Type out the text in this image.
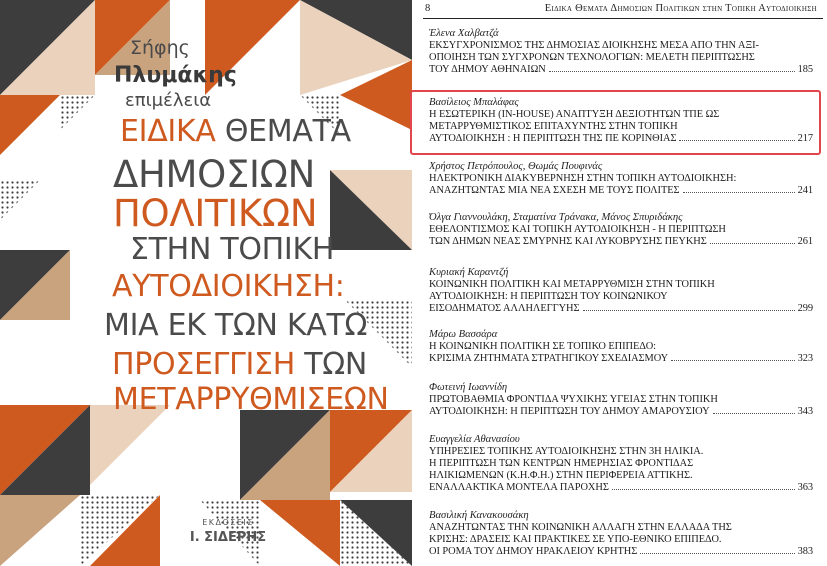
Σήφης
Πλυμάκης
επιμέλεια
ΕΙΔΙΚΑ ΘΕΜΑΤΑ
ΔΗΜΟΣΙΩΝ
ΠΟΛΙΤΙΚΩΝ
ΣΤΗΝ ΤΟΠΙΚΗ
ΑΥΤΟΔΙΟΙΚΗΣΗ:
ΜΙΑ ΕΚ ΤΩΝ ΚΑΤΩ
ΠΡΟΣΕΓΓΙΣΗ ΤΩΝ
ΜΕΤΑΡΡΥΘΜΙΣΕΩΝ
ΕΚΔΟΣΕΙΣ
Ι. ΣΙΔΕΡΗΣ
8	Ειδικα Θεματα Δημοσιων Πολιτικων στην Τοπικη Αυτοδιοικηση
Έλενα Χαλβατζά
ΕΚΣΥΓΧΡΟΝΙΣΜΟΣ ΤΗΣ ΔΗΜΟΣΙΑΣ ΔΙΟΙΚΗΣΗΣ ΜΕΣΑ ΑΠΟ ΤΗΝ ΑΞΙ-
ΟΠΟΙΗΣΗ ΤΩΝ ΣΥΓΧΡΟΝΩΝ ΤΕΧΝΟΛΟΓΙΩΝ: ΜΕΛΕΤΗ ΠΕΡΙΠΤΩΣΗΣ
ΤΟΥ ΔΗΜΟΥ ΑΘΗΝΑΙΩΝ	185
Βασίλειος Μπαλάφας
Η ΕΣΩΤΕΡΙΚΗ (IN-HOUSE) ΑΝΑΠΤΥΞΗ ΔΕΞΙΟΤΗΤΩΝ ΤΠΕ ΩΣ
ΜΕΤΑΡΡΥΘΜΙΣΤΙΚΟΣ ΕΠΙΤΑΧΥΝΤΗΣ ΣΤΗΝ ΤΟΠΙΚΗ
ΑΥΤΟΔΙΟΙΚΗΣΗ : Η ΠΕΡΙΠΤΩΣΗ ΤΗΣ ΠΕ ΚΟΡΙΝΘΙΑΣ	217
Χρήστος Πετρόπουλος, Θωμάς Πουφινάς
ΗΛΕΚΤΡΟΝΙΚΗ ΔΙΑΚΥΒΕΡΝΗΣΗ ΣΤΗΝ ΤΟΠΙΚΗ ΑΥΤΟΔΙΟΙΚΗΣΗ:
ΑΝΑΖΗΤΩΝΤΑΣ ΜΙΑ ΝΕΑ ΣΧΕΣΗ ΜΕ ΤΟΥΣ ΠΟΛΙΤΕΣ	241
Όλγα Γιαννουλάκη, Σταματίνα Τράνακα, Μάνος Σπυριδάκης
ΕΘΕΛΟΝΤΙΣΜΟΣ ΚΑΙ ΤΟΠΙΚΗ ΑΥΤΟΔΙΟΙΚΗΣΗ - Η ΠΕΡΙΠΤΩΣΗ
ΤΩΝ ΔΗΜΩΝ ΝΕΑΣ ΣΜΥΡΝΗΣ ΚΑΙ ΛΥΚΟΒΡΥΣΗΣ ΠΕΥΚΗΣ	261
Κυριακή Καραντζή
ΚΟΙΝΩΝΙΚΗ ΠΟΛΙΤΙΚΗ ΚΑΙ ΜΕΤΑΡΡΥΘΜΙΣΗ ΣΤΗΝ ΤΟΠΙΚΗ
ΑΥΤΟΔΙΟΙΚΗΣΗ: Η ΠΕΡΙΠΤΩΣΗ ΤΟΥ ΚΟΙΝΩΝΙΚΟΥ
ΕΙΣΟΔΗΜΑΤΟΣ ΑΛΛΗΛΕΓΓΥΗΣ	299
Μάρω Βασσάρα
Η ΚΟΙΝΩΝΙΚΗ ΠΟΛΙΤΙΚΗ ΣΕ ΤΟΠΙΚΟ ΕΠΙΠΕΔΟ:
ΚΡΙΣΙΜΑ ΖΗΤΗΜΑΤΑ ΣΤΡΑΤΗΓΙΚΟΥ ΣΧΕΔΙΑΣΜΟΥ	323
Φωτεινή Ιωαννίδη
ΠΡΩΤΟΒΑΘΜΙΑ ΦΡΟΝΤΙΔΑ ΨΥΧΙΚΗΣ ΥΓΕΙΑΣ ΣΤΗΝ ΤΟΠΙΚΗ
ΑΥΤΟΔΙΟΙΚΗΣΗ: Η ΠΕΡΙΠΤΩΣΗ ΤΟΥ ΔΗΜΟΥ ΑΜΑΡΟΥΣΙΟΥ	343
Ευαγγελία Αθανασίου
ΥΠΗΡΕΣΙΕΣ ΤΟΠΙΚΗΣ ΑΥΤΟΔΙΟΙΚΗΣΗΣ ΣΤΗΝ 3Η ΗΛΙΚΙΑ.
Η ΠΕΡΙΠΤΩΣΗ ΤΩΝ ΚΕΝΤΡΩΝ ΗΜΕΡΗΣΙΑΣ ΦΡΟΝΤΙΔΑΣ
ΗΛΙΚΙΩΜΕΝΩΝ (Κ.Η.Φ.Η.) ΣΤΗΝ ΠΕΡΙΦΕΡΕΙΑ ΑΤΤΙΚΗΣ.
ΕΝΑΛΛΑΚΤΙΚΑ ΜΟΝΤΕΛΑ ΠΑΡΟΧΗΣ	363
Βασιλική Κανακουσάκη
ΑΝΑΖΗΤΩΝΤΑΣ ΤΗΝ ΚΟΙΝΩΝΙΚΗ ΑΛΛΑΓΗ ΣΤΗΝ ΕΛΛΑΔΑ ΤΗΣ
ΚΡΙΣΗΣ: ΔΡΑΣΕΙΣ ΚΑΙ ΠΡΑΚΤΙΚΕΣ ΣΕ ΥΠΟ-ΕΘΝΙΚΟ ΕΠΙΠΕΔΟ.
ΟΙ ΡΟΜΑ ΤΟΥ ΔΗΜΟΥ ΗΡΑΚΛΕΙΟΥ ΚΡΗΤΗΣ	383
